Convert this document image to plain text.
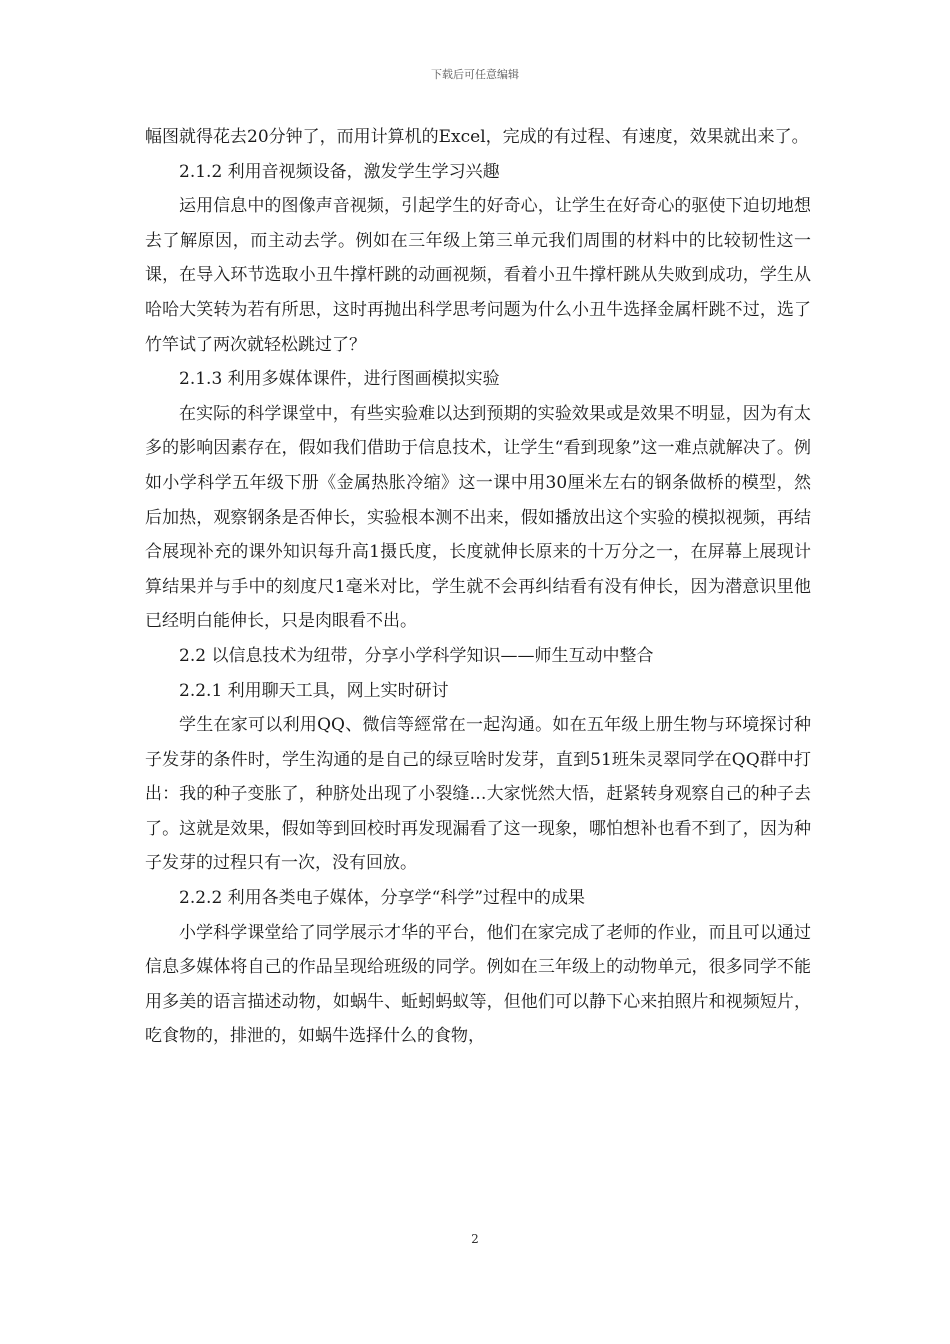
下载后可任意编辑

幅图就得花去20分钟了，而用计算机的Excel，完成的有过程、有速度，效果就出来了。

2.1.2 利用音视频设备，激发学生学习兴趣

运用信息中的图像声音视频，引起学生的好奇心，让学生在好奇心的驱使下迫切地想去了解原因，而主动去学。例如在三年级上第三单元我们周围的材料中的比较韧性这一课，在导入环节选取小丑牛撑杆跳的动画视频，看着小丑牛撑杆跳从失败到成功，学生从哈哈大笑转为若有所思，这时再抛出科学思考问题为什么小丑牛选择金属杆跳不过，选了竹竿试了两次就轻松跳过了？

2.1.3 利用多媒体课件，进行图画模拟实验

在实际的科学课堂中，有些实验难以达到预期的实验效果或是效果不明显，因为有太多的影响因素存在，假如我们借助于信息技术，让学生“看到现象”这一难点就解决了。例如小学科学五年级下册《金属热胀冷缩》这一课中用30厘米左右的钢条做桥的模型，然后加热，观察钢条是否伸长，实验根本测不出来，假如播放出这个实验的模拟视频，再结合展现补充的课外知识每升高1摄氏度，长度就伸长原来的十万分之一，在屏幕上展现计算结果并与手中的刻度尺1毫米对比，学生就不会再纠结看有没有伸长，因为潜意识里他已经明白能伸长，只是肉眼看不出。

2.2 以信息技术为纽带，分享小学科学知识——师生互动中整合

2.2.1 利用聊天工具，网上实时研讨

学生在家可以利用QQ、微信等經常在一起沟通。如在五年级上册生物与环境探讨种子发芽的条件时，学生沟通的是自己的绿豆啥时发芽，直到51班朱灵翠同学在QQ群中打出：我的种子变胀了，种脐处出现了小裂缝…大家恍然大悟，赶紧转身观察自己的种子去了。这就是效果，假如等到回校时再发现漏看了这一现象，哪怕想补也看不到了，因为种子发芽的过程只有一次，没有回放。

2.2.2 利用各类电子媒体，分享学“科学”过程中的成果

小学科学课堂给了同学展示才华的平台，他们在家完成了老师的作业，而且可以通过信息多媒体将自己的作品呈现给班级的同学。例如在三年级上的动物单元，很多同学不能用多美的语言描述动物，如蜗牛、蚯蚓蚂蚁等，但他们可以静下心来拍照片和视频短片，吃食物的，排泄的，如蜗牛选择什么的食物，

2
